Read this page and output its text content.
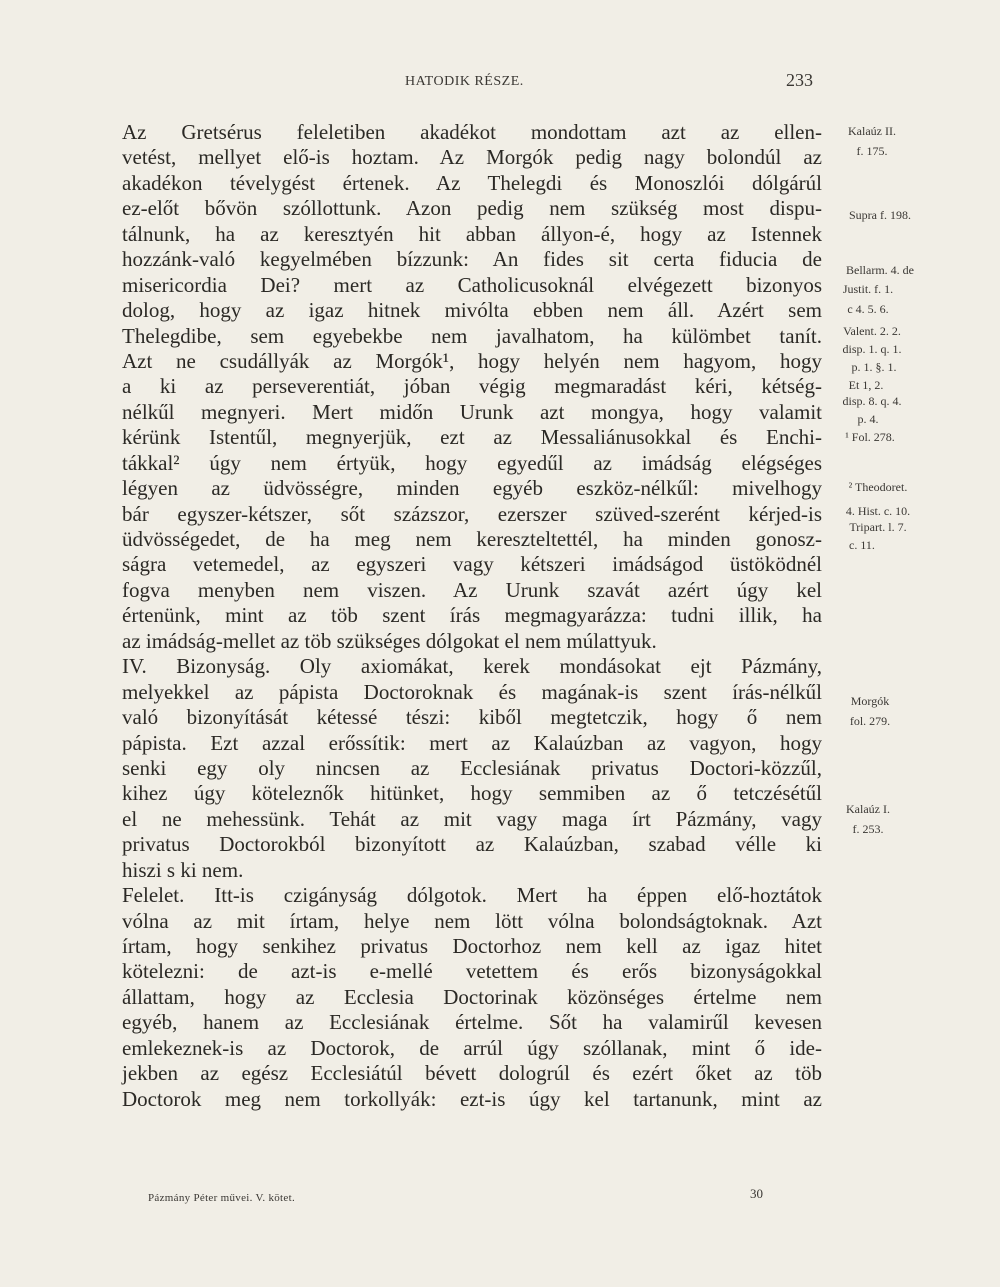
HATODIK RÉSZE.	233
Az Gretsérus feleletiben akadékot mondottam azt az ellen-
vetést, mellyet elő-is hoztam. Az Morgók pedig nagy bolondúl az
akadékon tévelygést értenek. Az Thelegdi és Monoszlói dólgárúl
ez-előt bővön szóllottunk. Azon pedig nem szükség most dispu-
tálnunk, ha az keresztyén hit abban állyon-é, hogy az Istennek
hozzánk-való kegyelmében bízzunk: An fides sit certa fiducia de
misericordia Dei? mert az Catholicusoknál elvégezett bizonyos
dolog, hogy az igaz hitnek mivólta ebben nem áll. Azért sem
Thelegdibe, sem egyebekbe nem javalhatom, ha külömbet tanít.
Azt ne csudállyák az Morgók¹, hogy helyén nem hagyom, hogy
a ki az perseverentiát, jóban végig megmaradást kéri, kétség-
nélkűl megnyeri. Mert midőn Urunk azt mongya, hogy valamit
kérünk Istentűl, megnyerjük, ezt az Messaliánusokkal és Enchi-
tákkal² úgy nem értyük, hogy egyedűl az imádság elégséges
légyen az üdvösségre, minden egyéb eszköz-nélkűl: mivelhogy
bár egyszer-kétszer, sőt százszor, ezerszer szüved-szerént kérjed-is
üdvösségedet, de ha meg nem kereszteltettél, ha minden gonosz-
ságra vetemedel, az egyszeri vagy kétszeri imádságod üstöködnél
fogva menyben nem viszen. Az Urunk szavát azért úgy kel
értenünk, mint az töb szent írás megmagyarázza: tudni illik, ha
az imádság-mellet az töb szükséges dólgokat el nem múlattyuk.
IV. Bizonyság. Oly axiomákat, kerek mondásokat ejt Pázmány,
melyekkel az pápista Doctoroknak és magának-is szent írás-nélkűl
való bizonyítását kétessé tészi: kiből megtetczik, hogy ő nem
pápista. Ezt azzal erőssítik: mert az Kalaúzban az vagyon, hogy
senki egy oly nincsen az Ecclesiának privatus Doctori-közzűl,
kihez úgy köteleznők hitünket, hogy semmiben az ő tetczésétűl
el ne mehessünk. Tehát az mit vagy maga írt Pázmány, vagy
privatus Doctorokból bizonyított az Kalaúzban, szabad vélle ki
hiszi s ki nem.
Felelet. Itt-is czigányság dólgotok. Mert ha éppen elő-hoztátok
vólna az mit írtam, helye nem lött vólna bolondságtoknak. Azt
írtam, hogy senkihez privatus Doctorhoz nem kell az igaz hitet
kötelezni: de azt-is e-mellé vetettem és erős bizonyságokkal
állattam, hogy az Ecclesia Doctorinak közönséges értelme nem
egyéb, hanem az Ecclesiának értelme. Sőt ha valamirűl kevesen
emlekeznek-is az Doctorok, de arrúl úgy szóllanak, mint ő ide-
jekben az egész Ecclesiátúl bévett dologrúl és ezért őket az töb
Doctorok meg nem torkollyák: ezt-is úgy kel tartanunk, mint az
Kalaúz II.
f. 175.
Supra f. 198.
Bellarm. 4. de
Justit. f. 1.
c 4. 5. 6.
Valent. 2. 2.
disp. 1. q. 1.
p. 1. §. 1.
Et 1, 2.
disp. 8. q. 4.
p. 4.
¹ Fol. 278.
² Theodoret.
4. Hist. c. 10.
Tripart. l. 7.
c. 11.
Morgók
fol. 279.
Kalaúz I.
f. 253.
Pázmány Péter művei. V. kötet.	30
